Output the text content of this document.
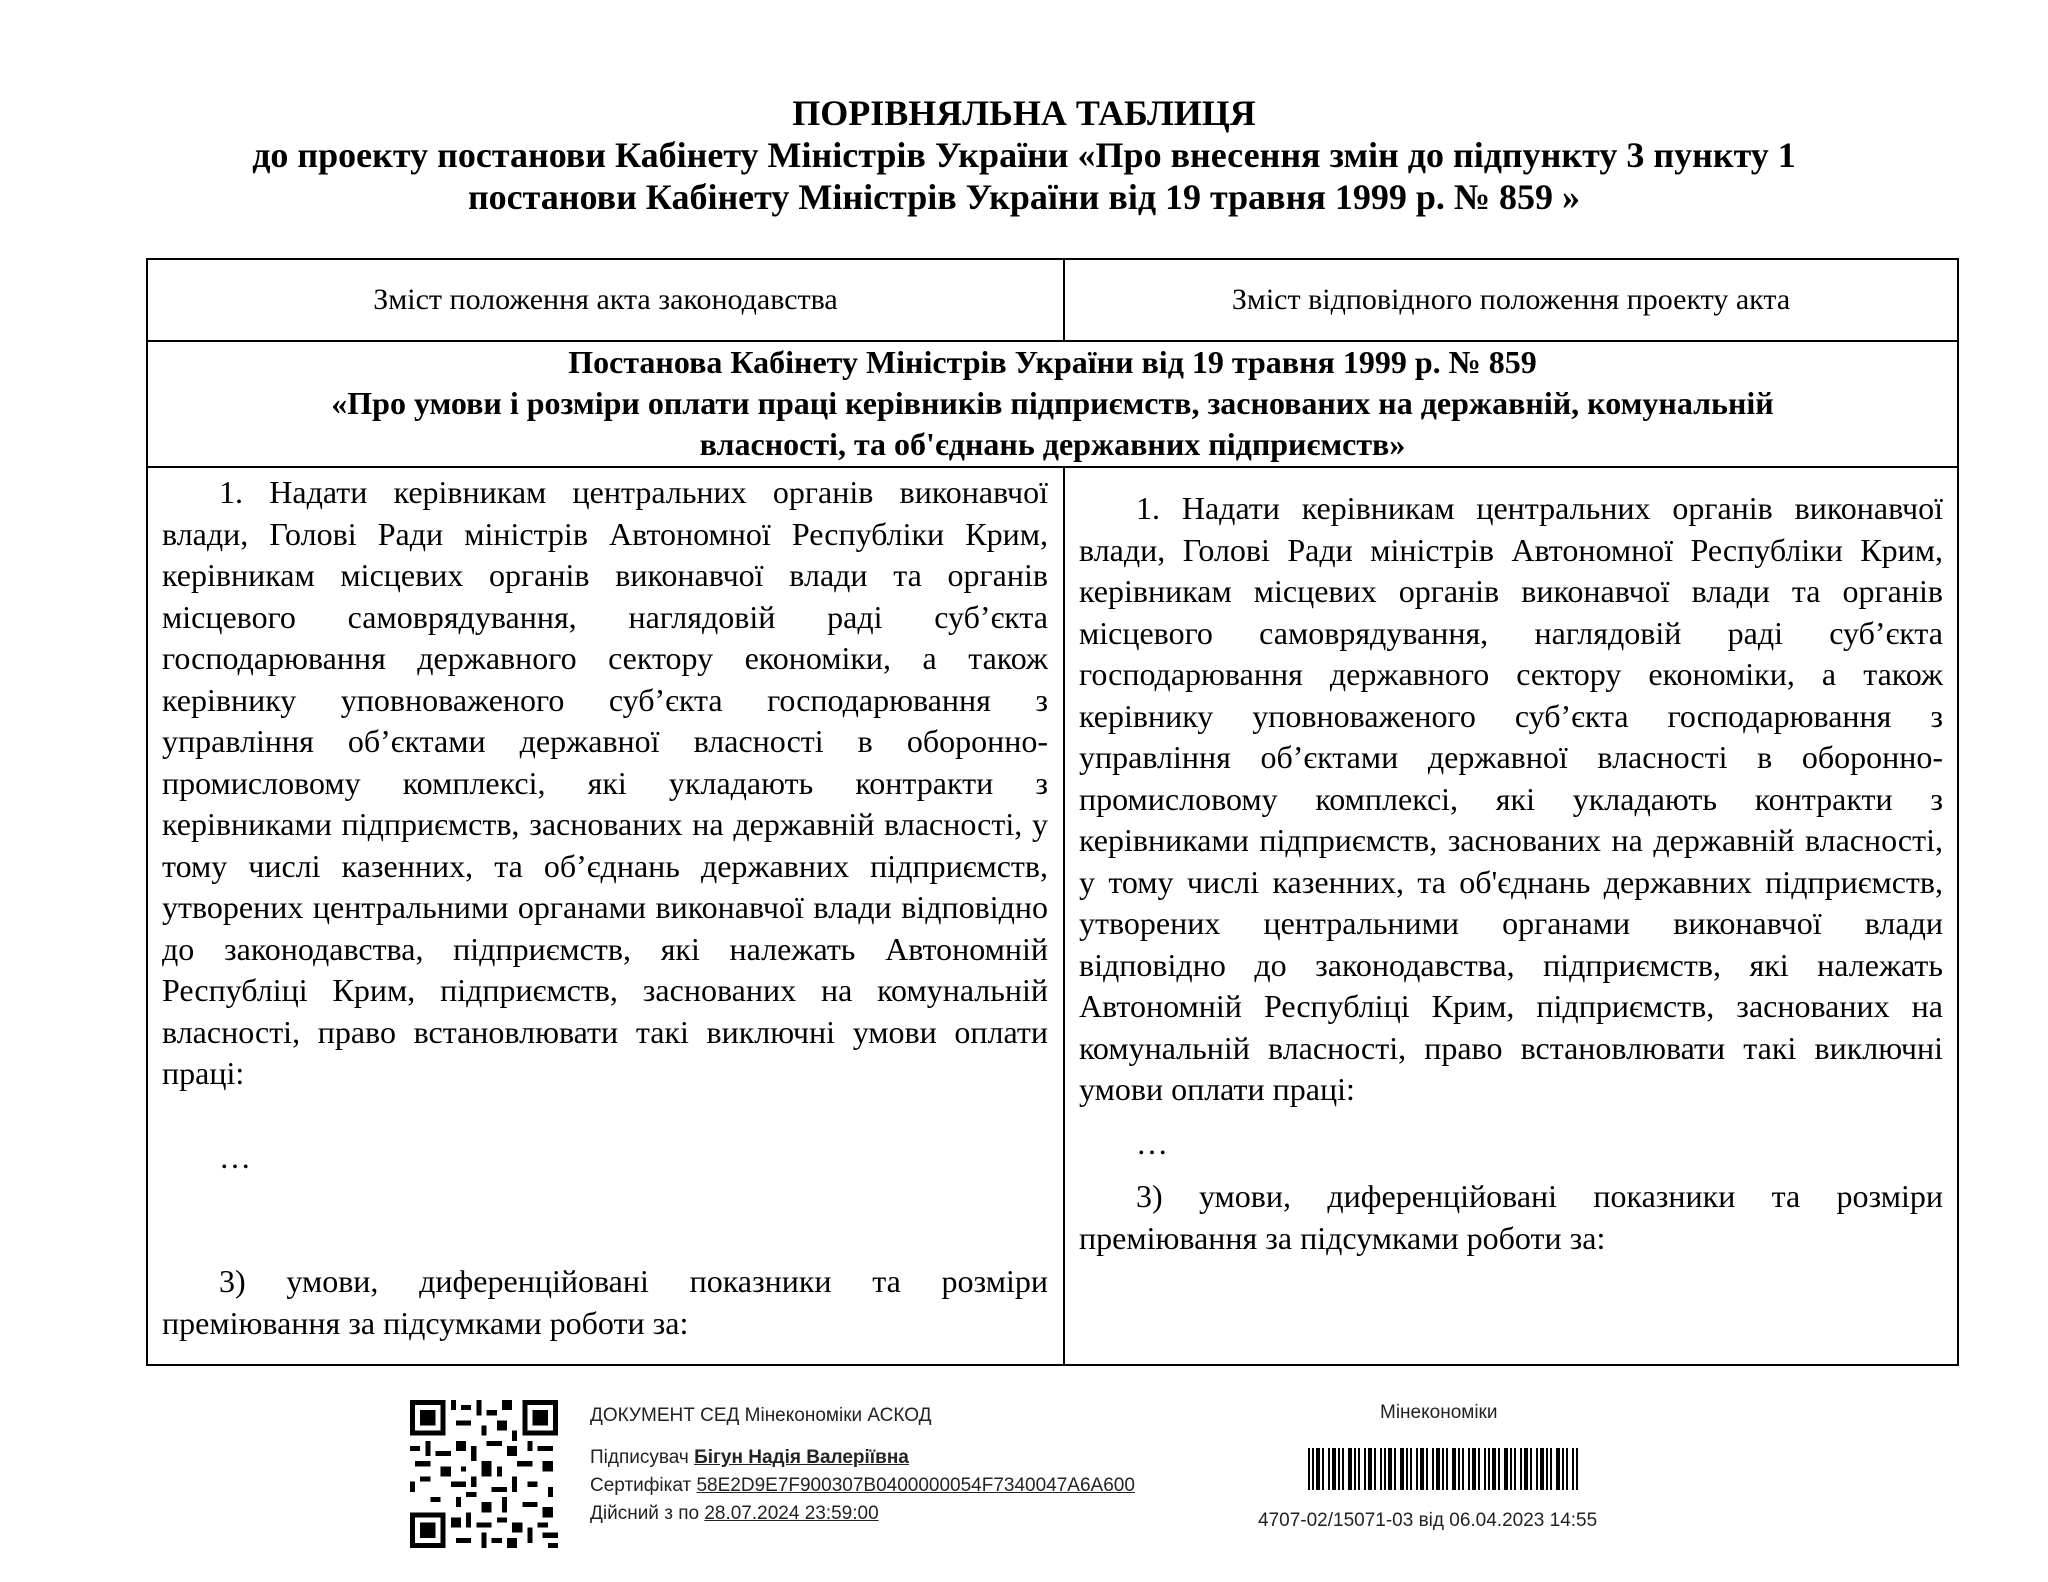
ПОРІВНЯЛЬНА ТАБЛИЦЯ
до проекту постанови Кабінету Міністрів України «Про внесення змін до підпункту 3 пункту 1
постанови Кабінету Міністрів України від 19 травня 1999 р. № 859 »
Зміст положення акта законодавства	Зміст відповідного положення проекту акта
Постанова Кабінету Міністрів України від 19 травня 1999 р. № 859
«Про умови і розміри оплати праці керівників підприємств, заснованих на державній, комунальній
власності, та об'єднань державних підприємств»

1. Надати керівникам центральних органів виконавчої влади, Голові Ради міністрів Автономної Республіки Крим, керівникам місцевих органів виконавчої влади та органів місцевого самоврядування, наглядовій раді суб’єкта господарювання державного сектору економіки, а також керівнику уповноваженого суб’єкта господарювання з управління об’єктами державної власності в оборонно-промисловому комплексі, які укладають контракти з керівниками підприємств, заснованих на державній власності, у тому числі казенних, та об’єднань державних підприємств, утворених центральними органами виконавчої влади відповідно до законодавства, підприємств, які належать Автономній Республіці Крим, підприємств, заснованих на комунальній власності, право встановлювати такі виключні умови оплати праці:

…

3) умови, диференційовані показники та розміри преміювання за підсумками роботи за:

1. Надати керівникам центральних органів виконавчої влади, Голові Ради міністрів Автономної Республіки Крим, керівникам місцевих органів виконавчої влади та органів місцевого самоврядування, наглядовій раді суб’єкта господарювання державного сектору економіки, а також керівнику уповноваженого суб’єкта господарювання з управління об’єктами державної власності в оборонно-промисловому комплексі, які укладають контракти з керівниками підприємств, заснованих на державній власності, у тому числі казенних, та об'єднань державних підприємств, утворених центральними органами виконавчої влади відповідно до законодавства, підприємств, які належать Автономній Республіці Крим, підприємств, заснованих на комунальній власності, право встановлювати такі виключні умови оплати праці:

…

3) умови, диференційовані показники та розміри преміювання за підсумками роботи за:

ДОКУМЕНТ СЕД Мінекономіки АСКОД
Підписувач Бігун Надія Валеріївна
Сертифікат 58E2D9E7F900307B0400000054F7340047A6A600
Дійсний з по 28.07.2024 23:59:00
Мінекономіки
4707-02/15071-03 від 06.04.2023 14:55
